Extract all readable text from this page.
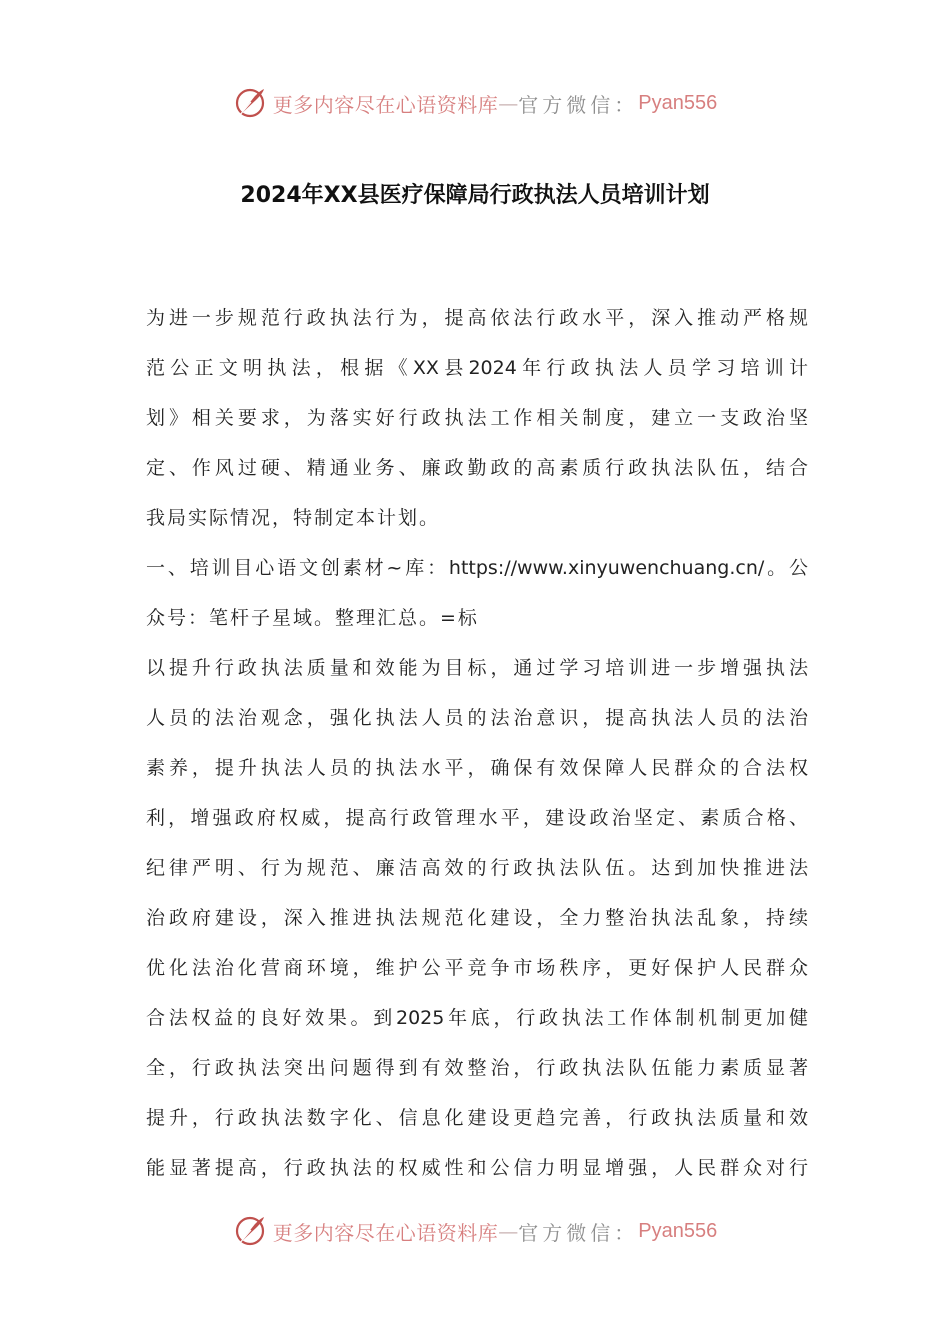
更多内容尽在心语资料库 — 官方微信： Pyan556
2024年XX县医疗保障局行政执法人员培训计划
为进一步规范行政执法行为，提高依法行政水平，深入推动严格规
范公正文明执法，根据《XX县2024年行政执法人员学习培训计
划》相关要求，为落实好行政执法工作相关制度，建立一支政治坚
定、作风过硬、精通业务、廉政勤政的高素质行政执法队伍，结合
我局实际情况，特制定本计划。
一、培训目心语文创素材~库：https://www.xinyuwenchuang.cn/。公
众号：笔杆子星域。整理汇总。=标
以提升行政执法质量和效能为目标，通过学习培训进一步增强执法
人员的法治观念，强化执法人员的法治意识，提高执法人员的法治
素养，提升执法人员的执法水平，确保有效保障人民群众的合法权
利，增强政府权威，提高行政管理水平，建设政治坚定、素质合格、
纪律严明、行为规范、廉洁高效的行政执法队伍。达到加快推进法
治政府建设，深入推进执法规范化建设，全力整治执法乱象，持续
优化法治化营商环境，维护公平竞争市场秩序，更好保护人民群众
合法权益的良好效果。到2025年底，行政执法工作体制机制更加健
全，行政执法突出问题得到有效整治，行政执法队伍能力素质显著
提升，行政执法数字化、信息化建设更趋完善，行政执法质量和效
能显著提高，行政执法的权威性和公信力明显增强，人民群众对行
更多内容尽在心语资料库 — 官方微信： Pyan556
